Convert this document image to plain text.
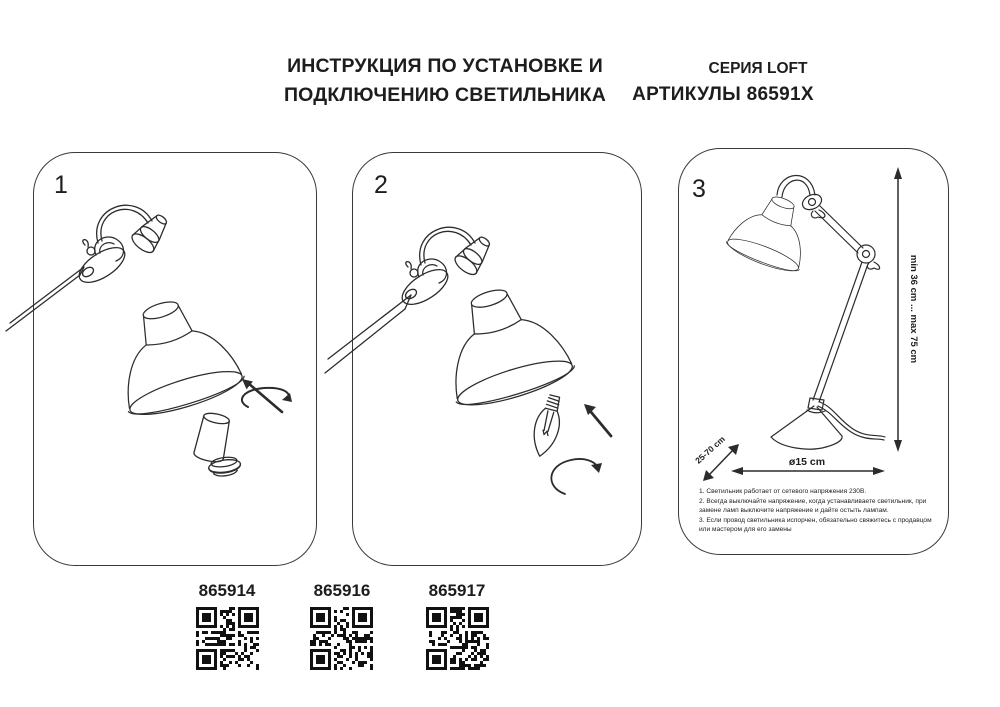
ИНСТРУКЦИЯ ПО УСТАНОВКЕ И
ПОДКЛЮЧЕНИЮ СВЕТИЛЬНИКА
СЕРИЯ LOFT
АРТИКУЛЫ 86591X
1	2	3
min 36 cm ... max 75 cm
ø15 cm
25-70 cm
1. Светильник работает от сетевого напряжения 230В.
2. Всегда выключайте напряжение, когда устанавливаете светильник, при замене ламп выключите напряжение и дайте остыть лампам.
3. Если провод светильника испорчен, обязательно свяжитесь с продавцом или мастером для его замены
865914	865916	865917
